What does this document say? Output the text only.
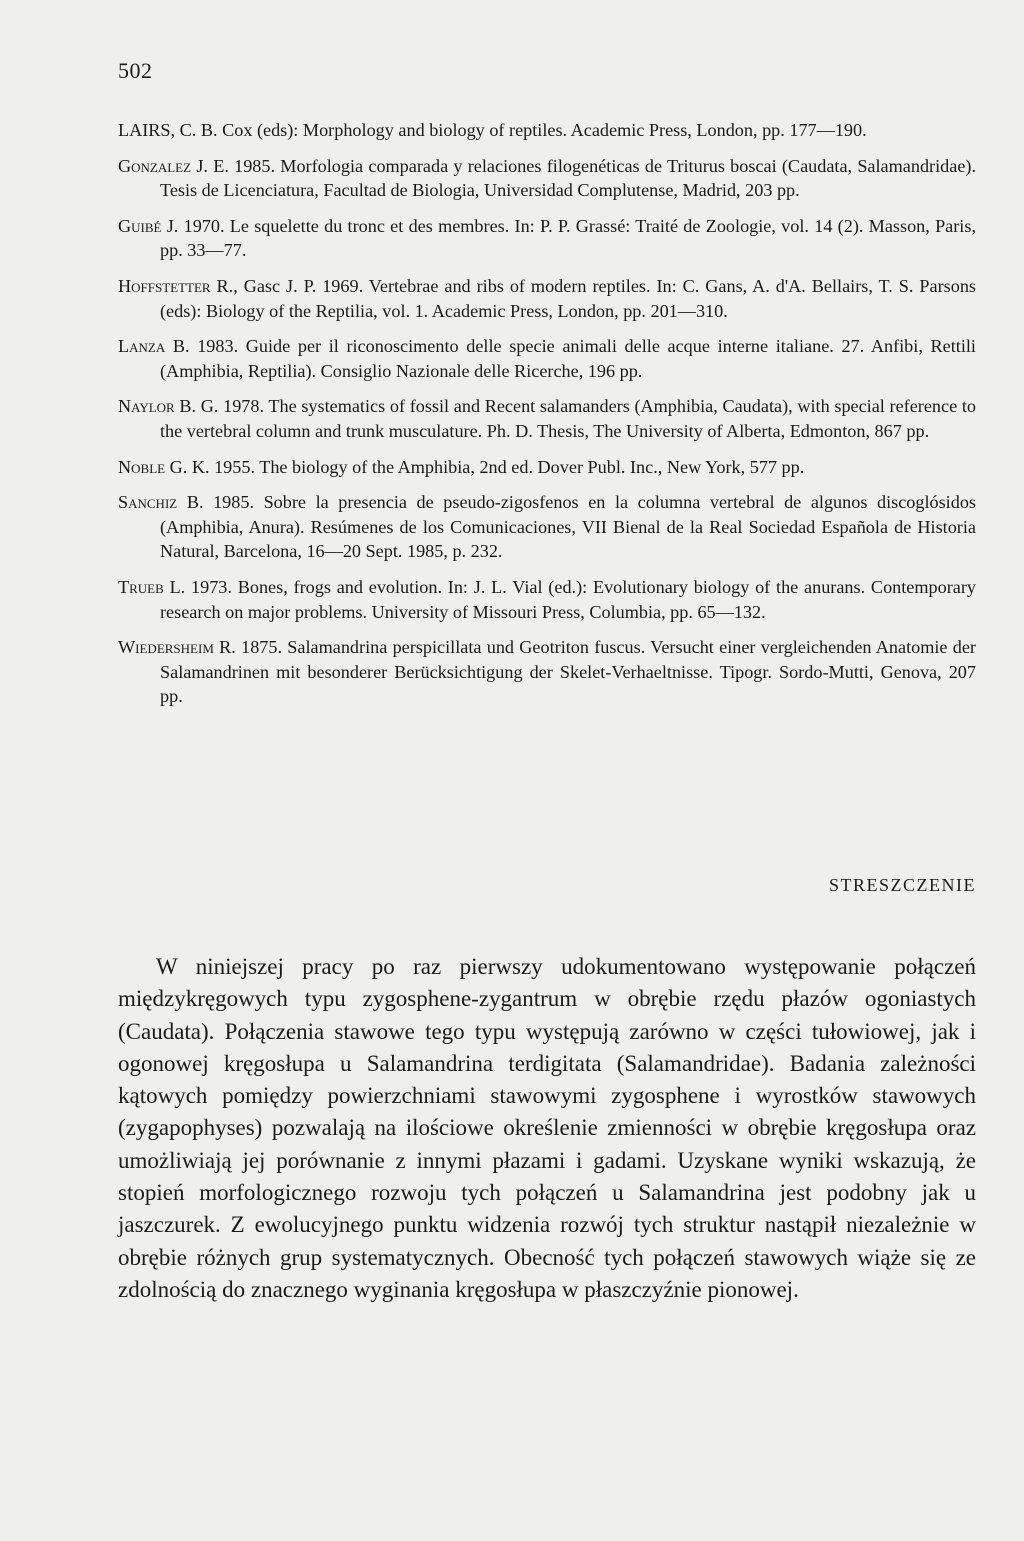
502

LAIRS, C. B. Cox (eds): Morphology and biology of reptiles. Academic Press, London, pp. 177—190.

Gonzalez J. E. 1985. Morfologia comparada y relaciones filogenéticas de Triturus boscai (Caudata, Salamandridae). Tesis de Licenciatura, Facultad de Biologia, Universidad Complutense, Madrid, 203 pp.

Guibé J. 1970. Le squelette du tronc et des membres. In: P. P. Grassé: Traité de Zoologie, vol. 14 (2). Masson, Paris, pp. 33—77.

Hoffstetter R., Gasc J. P. 1969. Vertebrae and ribs of modern reptiles. In: C. Gans, A. d'A. Bellairs, T. S. Parsons (eds): Biology of the Reptilia, vol. 1. Academic Press, London, pp. 201—310.

Lanza B. 1983. Guide per il riconoscimento delle specie animali delle acque interne italiane. 27. Anfibi, Rettili (Amphibia, Reptilia). Consiglio Nazionale delle Ricerche, 196 pp.

Naylor B. G. 1978. The systematics of fossil and Recent salamanders (Amphibia, Caudata), with special reference to the vertebral column and trunk musculature. Ph. D. Thesis, The University of Alberta, Edmonton, 867 pp.

Noble G. K. 1955. The biology of the Amphibia, 2nd ed. Dover Publ. Inc., New York, 577 pp.

Sanchiz B. 1985. Sobre la presencia de pseudo-zigosfenos en la columna vertebral de algunos discoglósidos (Amphibia, Anura). Resúmenes de los Comunicaciones, VII Bienal de la Real Sociedad Española de Historia Natural, Barcelona, 16—20 Sept. 1985, p. 232.

Trueb L. 1973. Bones, frogs and evolution. In: J. L. Vial (ed.): Evolutionary biology of the anurans. Contemporary research on major problems. University of Missouri Press, Columbia, pp. 65—132.

Wiedersheim R. 1875. Salamandrina perspicillata und Geotriton fuscus. Versucht einer vergleichenden Anatomie der Salamandrinen mit besonderer Berücksichtigung der Skelet-Verhaeltnisse. Tipogr. Sordo-Mutti, Genova, 207 pp.

STRESZCZENIE

W niniejszej pracy po raz pierwszy udokumentowano występowanie połączeń międzykręgowych typu zygosphene-zygantrum w obrębie rzędu płazów ogoniastych (Caudata). Połączenia stawowe tego typu występują zarówno w części tułowiowej, jak i ogonowej kręgosłupa u Salamandrina terdigitata (Salamandridae). Badania zależności kątowych pomiędzy powierzchniami stawowymi zygosphene i wyrostków stawowych (zygapophyses) pozwalają na ilościowe określenie zmienności w obrębie kręgosłupa oraz umożliwiają jej porównanie z innymi płazami i gadami. Uzyskane wyniki wskazują, że stopień morfologicznego rozwoju tych połączeń u Salamandrina jest podobny jak u jaszczurek. Z ewolucyjnego punktu widzenia rozwój tych struktur nastąpił niezależnie w obrębie różnych grup systematycznych. Obecność tych połączeń stawowych wiąże się ze zdolnością do znacznego wyginania kręgosłupa w płaszczyźnie pionowej.
